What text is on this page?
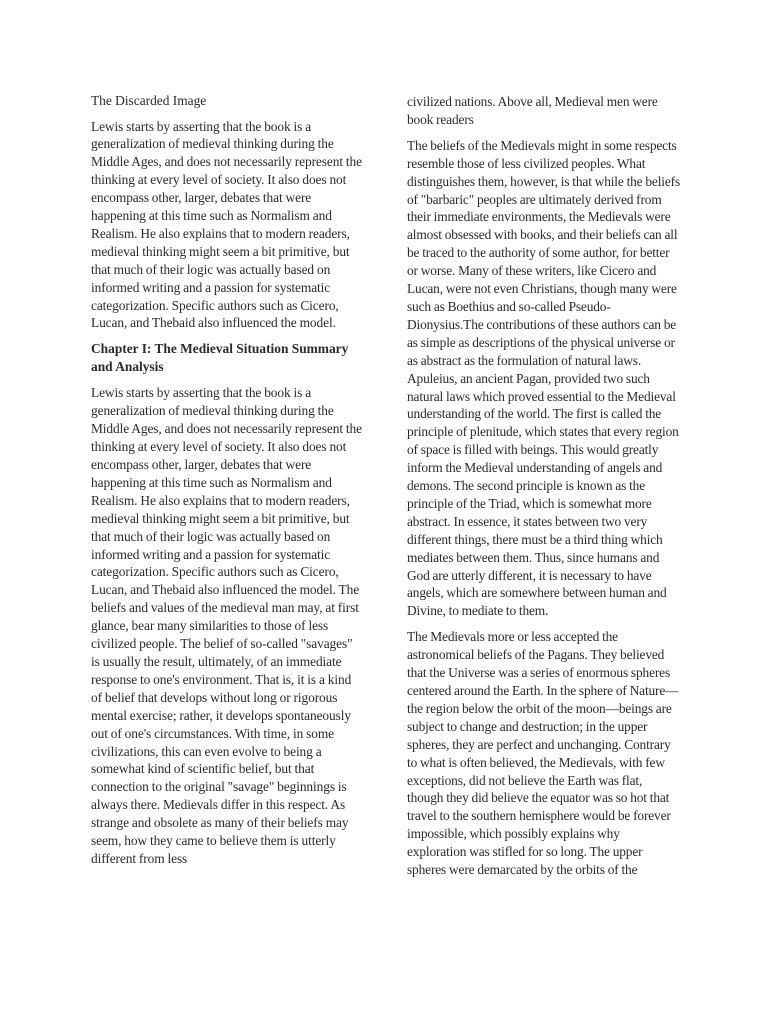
The Discarded Image

Lewis starts by asserting that the book is a generalization of medieval thinking during the Middle Ages, and does not necessarily represent the thinking at every level of society. It also does not encompass other, larger, debates that were happening at this time such as Normalism and Realism. He also explains that to modern readers, medieval thinking might seem a bit primitive, but that much of their logic was actually based on informed writing and a passion for systematic categorization. Specific authors such as Cicero, Lucan, and Thebaid also influenced the model.

Chapter I: The Medieval Situation Summary and Analysis

Lewis starts by asserting that the book is a generalization of medieval thinking during the Middle Ages, and does not necessarily represent the thinking at every level of society. It also does not encompass other, larger, debates that were happening at this time such as Normalism and Realism. He also explains that to modern readers, medieval thinking might seem a bit primitive, but that much of their logic was actually based on informed writing and a passion for systematic categorization. Specific authors such as Cicero, Lucan, and Thebaid also influenced the model. The beliefs and values of the medieval man may, at first glance, bear many similarities to those of less civilized people. The belief of so-called "savages" is usually the result, ultimately, of an immediate response to one's environment. That is, it is a kind of belief that develops without long or rigorous mental exercise; rather, it develops spontaneously out of one's circumstances. With time, in some civilizations, this can even evolve to being a somewhat kind of scientific belief, but that connection to the original "savage" beginnings is always there. Medievals differ in this respect. As strange and obsolete as many of their beliefs may seem, how they came to believe them is utterly different from less

civilized nations. Above all, Medieval men were book readers

The beliefs of the Medievals might in some respects resemble those of less civilized peoples. What distinguishes them, however, is that while the beliefs of "barbaric" peoples are ultimately derived from their immediate environments, the Medievals were almost obsessed with books, and their beliefs can all be traced to the authority of some author, for better or worse. Many of these writers, like Cicero and Lucan, were not even Christians, though many were such as Boethius and so-called Pseudo-Dionysius.The contributions of these authors can be as simple as descriptions of the physical universe or as abstract as the formulation of natural laws. Apuleius, an ancient Pagan, provided two such natural laws which proved essential to the Medieval understanding of the world. The first is called the principle of plenitude, which states that every region of space is filled with beings. This would greatly inform the Medieval understanding of angels and demons. The second principle is known as the principle of the Triad, which is somewhat more abstract. In essence, it states between two very different things, there must be a third thing which mediates between them. Thus, since humans and God are utterly different, it is necessary to have angels, which are somewhere between human and Divine, to mediate to them.

The Medievals more or less accepted the astronomical beliefs of the Pagans. They believed that the Universe was a series of enormous spheres centered around the Earth. In the sphere of Nature—the region below the orbit of the moon—beings are subject to change and destruction; in the upper spheres, they are perfect and unchanging. Contrary to what is often believed, the Medievals, with few exceptions, did not believe the Earth was flat, though they did believe the equator was so hot that travel to the southern hemisphere would be forever impossible, which possibly explains why exploration was stifled for so long. The upper spheres were demarcated by the orbits of the
